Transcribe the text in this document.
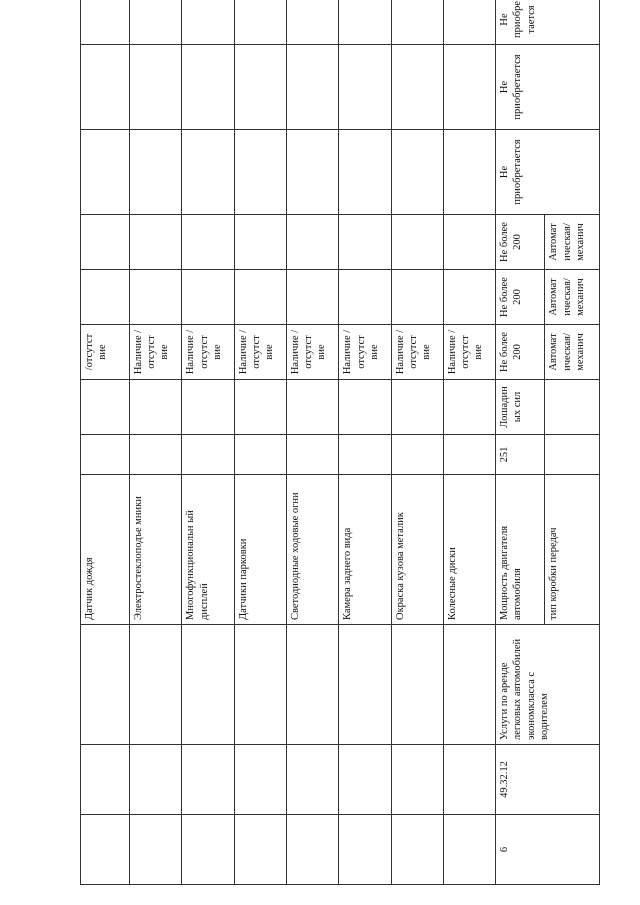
			Датчик дождя			/отсутст вие					
			Электростеклоподъе мники			Наличие /отсутст вие					
			Многофункциональн ый дисплей			Наличие /отсутст вие					
			Датчики парковки			Наличие /отсутст вие					
			Светодиодные ходовые огни			Наличие /отсутст вие					
			Камера заднего вида			Наличие /отсутст вие					
			Окраска кузова металик			Наличие /отсутст вие					
			Колесные диски			Наличие /отсутст вие					
6	49.32.12	Услуги по аренде легковых автомобилей экономкласса с водителем	Мощность двигателя автомобиля	251	Лошадин ых сил	Не более 200	Не более 200	Не более 200	Не приобретается	Не приобретается	Не приобретается
			тип коробки передач			Автомат ическая/ механич	Автомат ическая/ механич	Автомат ическая/ механич			
